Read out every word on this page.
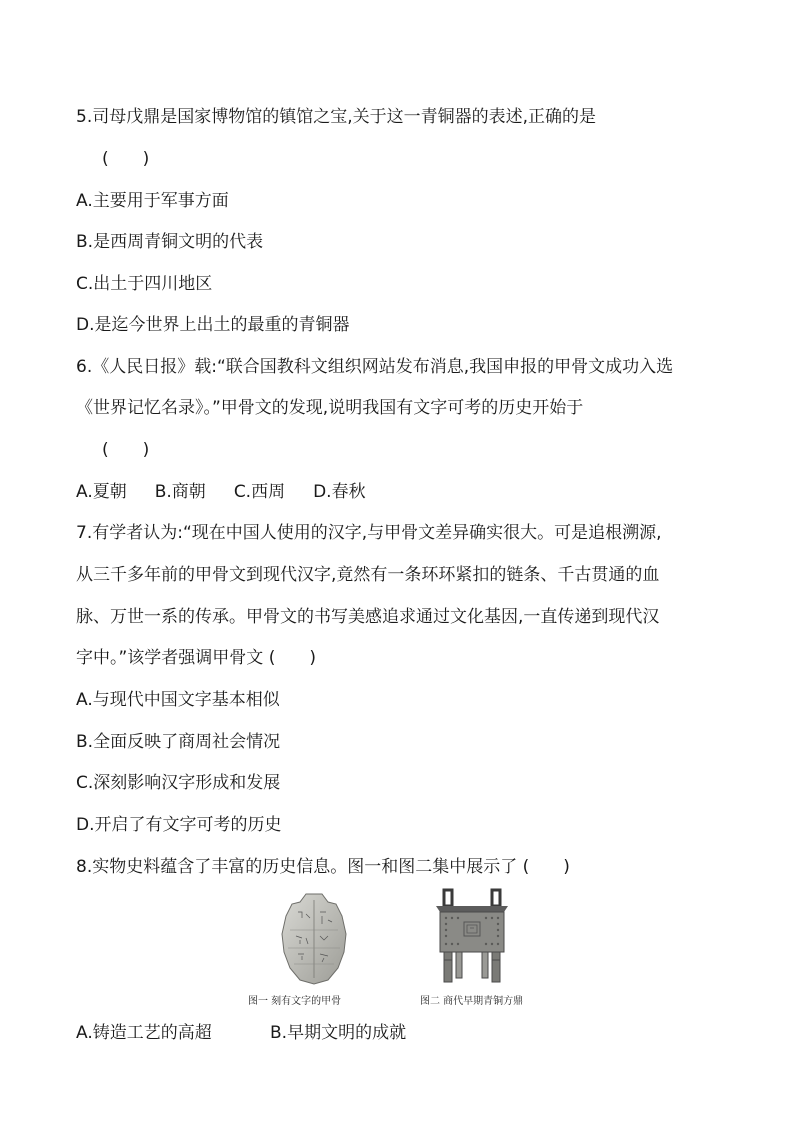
5.司母戊鼎是国家博物馆的镇馆之宝,关于这一青铜器的表述,正确的是
(　　)
A.主要用于军事方面
B.是西周青铜文明的代表
C.出土于四川地区
D.是迄今世界上出土的最重的青铜器
6.《人民日报》载:“联合国教科文组织网站发布消息,我国申报的甲骨文成功入选
《世界记忆名录》。”甲骨文的发现,说明我国有文字可考的历史开始于
(　　)
A.夏朝 B.商朝 C.西周 D.春秋
7.有学者认为:“现在中国人使用的汉字,与甲骨文差异确实很大。可是追根溯源,
从三千多年前的甲骨文到现代汉字,竟然有一条环环紧扣的链条、千古贯通的血
脉、万世一系的传承。甲骨文的书写美感追求通过文化基因,一直传递到现代汉
字中。”该学者强调甲骨文 (　　)
A.与现代中国文字基本相似
B.全面反映了商周社会情况
C.深刻影响汉字形成和发展
D.开启了有文字可考的历史
8.实物史料蕴含了丰富的历史信息。图一和图二集中展示了 (　　)
图一 刻有文字的甲骨	图二 商代早期青铜方鼎
A.铸造工艺的高超	B.早期文明的成就
